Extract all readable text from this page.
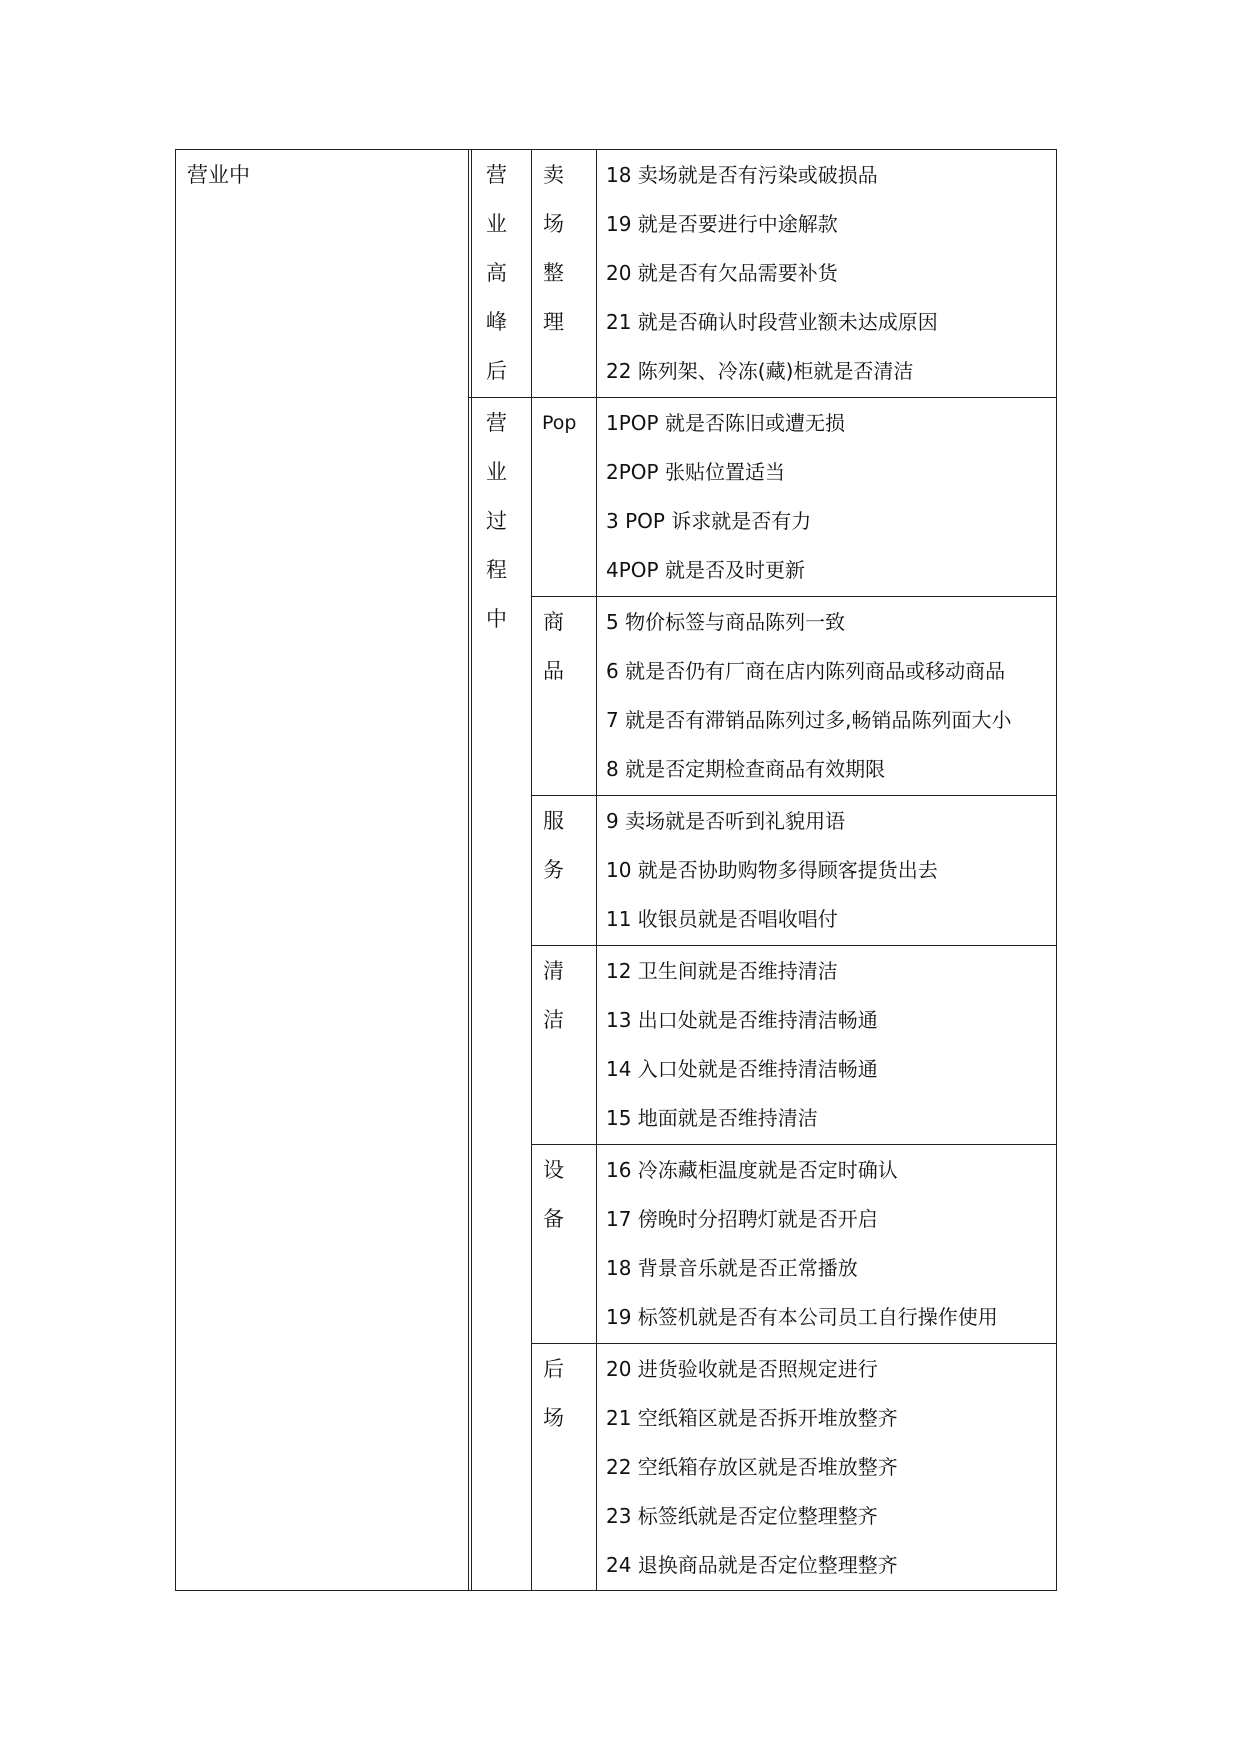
营业中	营
业
高
峰
后
营
业
过
程
中
卖
场
整
理
18 卖场就是否有污染或破损品
19 就是否要进行中途解款
20 就是否有欠品需要补货
21 就是否确认时段营业额未达成原因
22 陈列架、冷冻(藏)柜就是否清洁
Pop 1POP 就是否陈旧或遭无损
2POP 张贴位置适当
3 POP 诉求就是否有力
4POP 就是否及时更新
商
品
5 物价标签与商品陈列一致
6 就是否仍有厂商在店内陈列商品或移动商品
7 就是否有滞销品陈列过多,畅销品陈列面大小
8 就是否定期检查商品有效期限
服
务
9 卖场就是否听到礼貌用语
10 就是否协助购物多得顾客提货出去
11 收银员就是否唱收唱付
清
洁
12 卫生间就是否维持清洁
13 出口处就是否维持清洁畅通
14 入口处就是否维持清洁畅通
15 地面就是否维持清洁
设
备
16 冷冻藏柜温度就是否定时确认
17 傍晚时分招聘灯就是否开启
18 背景音乐就是否正常播放
19 标签机就是否有本公司员工自行操作使用
后
场
20 进货验收就是否照规定进行
21 空纸箱区就是否拆开堆放整齐
22 空纸箱存放区就是否堆放整齐
23 标签纸就是否定位整理整齐
24 退换商品就是否定位整理整齐
